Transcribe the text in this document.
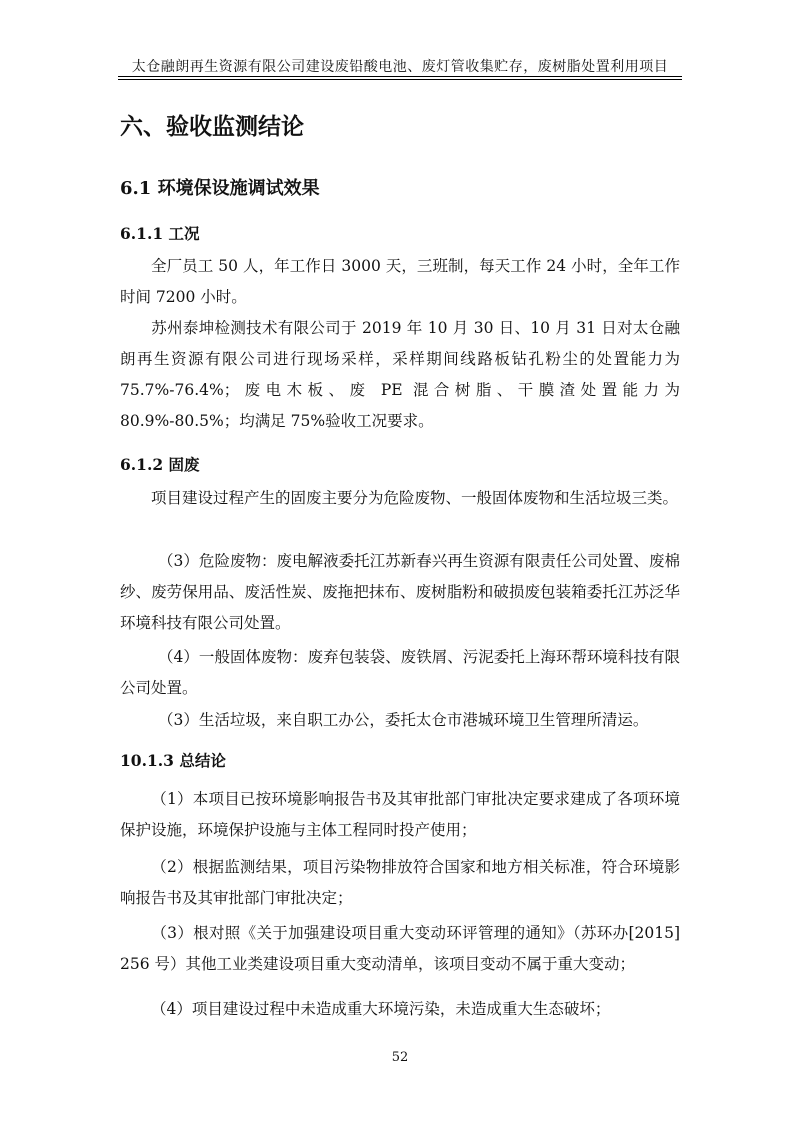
太仓融朗再生资源有限公司建设废铅酸电池、废灯管收集贮存，废树脂处置利用项目
六、验收监测结论
6.1 环境保设施调试效果
6.1.1 工况
全厂员工 50 人，年工作日 3000 天，三班制，每天工作 24 小时，全年工作时间 7200 小时。
苏州泰坤检测技术有限公司于 2019 年 10 月 30 日、10 月 31 日对太仓融朗再生资源有限公司进行现场采样，采样期间线路板钻孔粉尘的处置能力为 75.7%-76.4%；废电木板、废 PE 混合树脂、干膜渣处置能力为 80.9%-80.5%；均满足 75%验收工况要求。
6.1.2 固废
项目建设过程产生的固废主要分为危险废物、一般固体废物和生活垃圾三类。
（3）危险废物：废电解液委托江苏新春兴再生资源有限责任公司处置、废棉纱、废劳保用品、废活性炭、废拖把抹布、废树脂粉和破损废包装箱委托江苏泛华环境科技有限公司处置。
（4）一般固体废物：废弃包装袋、废铁屑、污泥委托上海环帮环境科技有限公司处置。
（3）生活垃圾，来自职工办公，委托太仓市港城环境卫生管理所清运。
10.1.3 总结论
（1）本项目已按环境影响报告书及其审批部门审批决定要求建成了各项环境保护设施，环境保护设施与主体工程同时投产使用；
（2）根据监测结果，项目污染物排放符合国家和地方相关标准，符合环境影响报告书及其审批部门审批决定；
（3）根对照《关于加强建设项目重大变动环评管理的通知》（苏环办[2015] 256 号）其他工业类建设项目重大变动清单，该项目变动不属于重大变动；
（4）项目建设过程中未造成重大环境污染，未造成重大生态破坏；
52
